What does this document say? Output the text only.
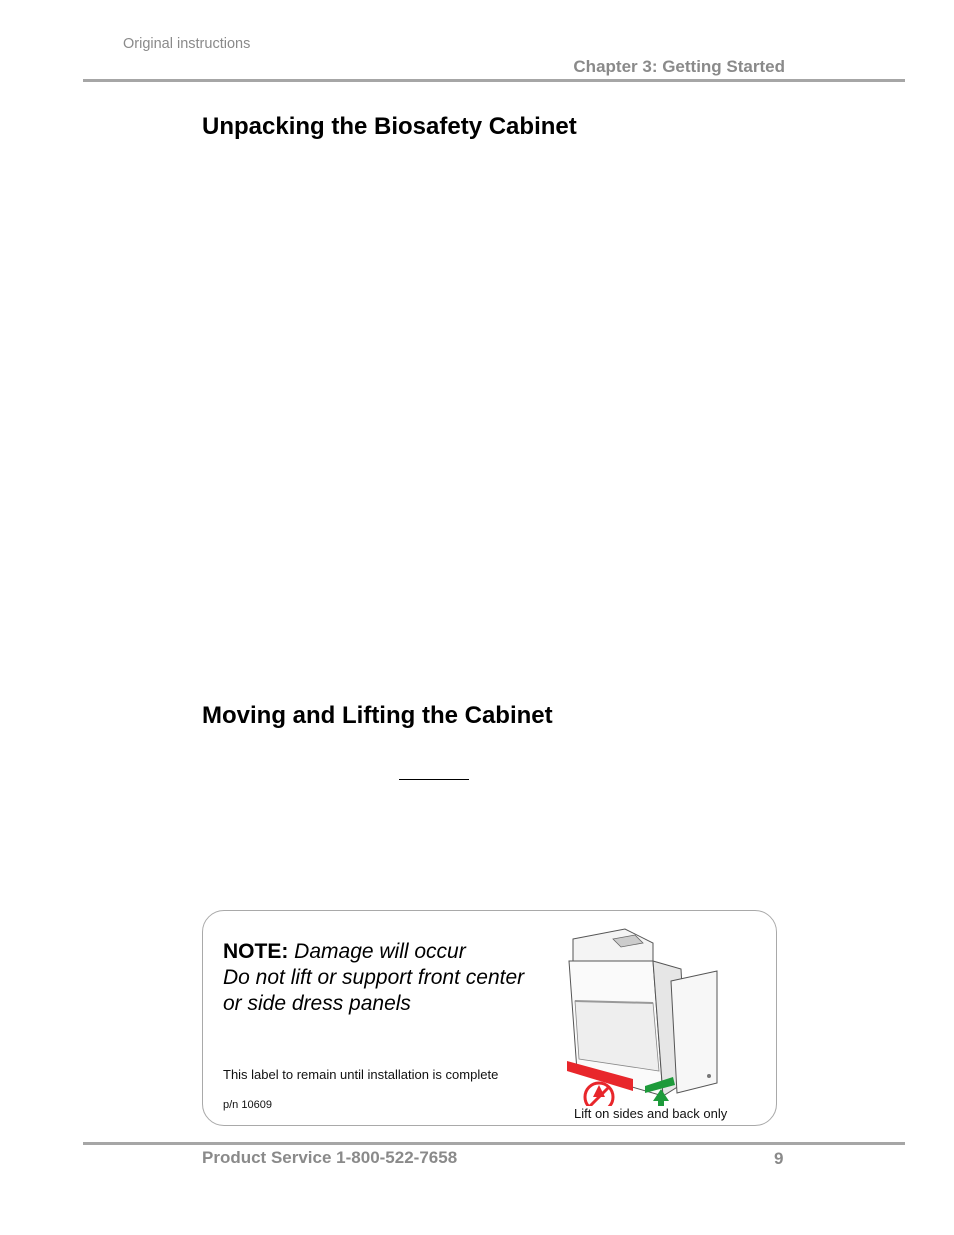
Original instructions
Chapter 3: Getting Started
Unpacking the Biosafety Cabinet
Moving and Lifting the Cabinet
NOTE: Damage will occur
Do not lift or support front center
or side dress panels
This label to remain until installation is complete
p/n 10609
Lift on sides and back only
Product Service 1-800-522-7658	9
